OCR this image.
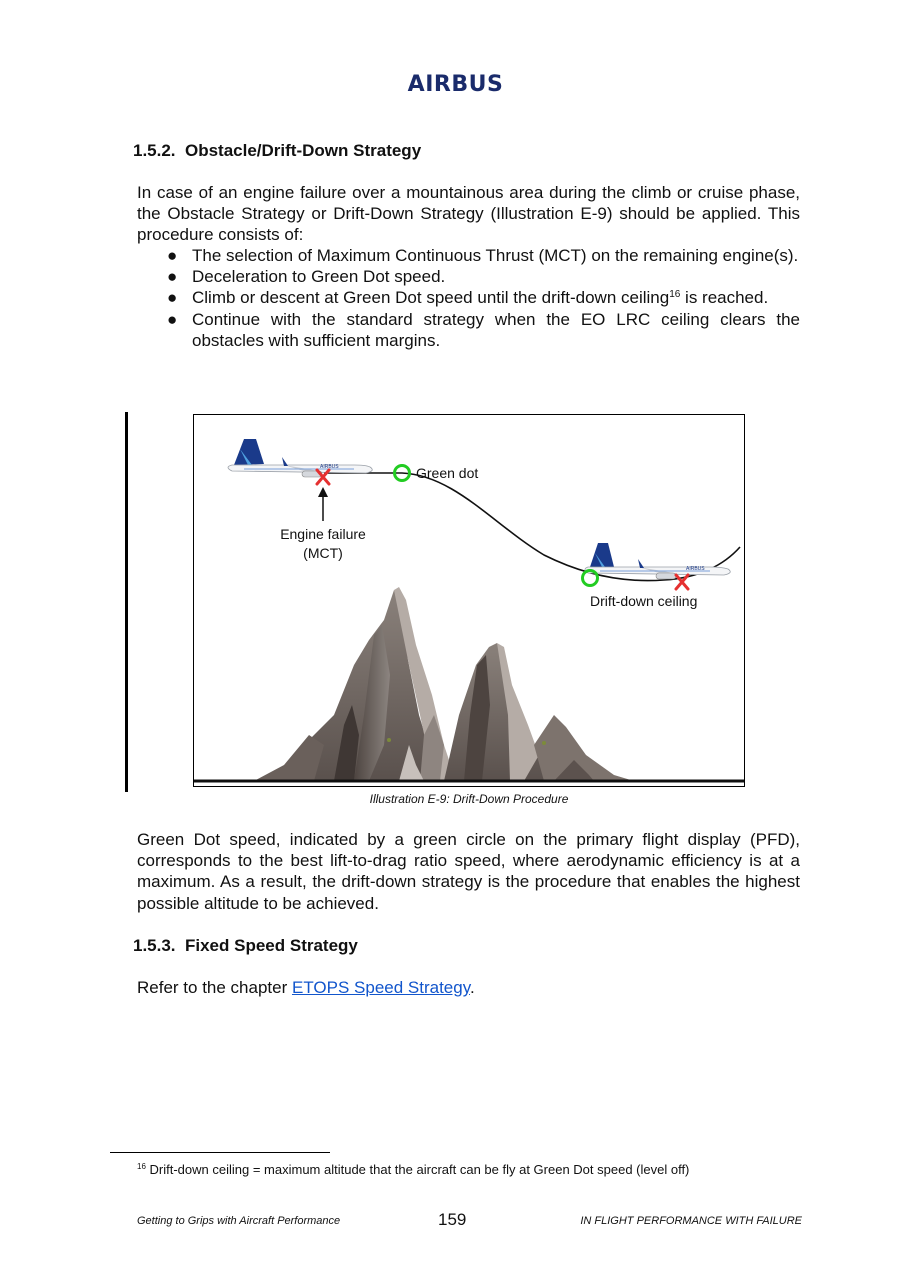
AIRBUS
1.5.2. Obstacle/Drift-Down Strategy

In case of an engine failure over a mountainous area during the climb or cruise phase, the Obstacle Strategy or Drift-Down Strategy (Illustration E-9) should be applied. This procedure consists of:

● The selection of Maximum Continuous Thrust (MCT) on the remaining engine(s).
● Deceleration to Green Dot speed.
● Climb or descent at Green Dot speed until the drift-down ceiling$^{16}$ is reached.
● Continue with the standard strategy when the EO LRC ceiling clears the obstacles with sufficient margins.
AIRBUS	Green dot
Engine failure
(MCT)
AIRBUS
Drift-down ceiling
Illustration E-9: Drift-Down Procedure

Green Dot speed, indicated by a green circle on the primary flight display (PFD), corresponds to the best lift-to-drag ratio speed, where aerodynamic efficiency is at a maximum. As a result, the drift-down strategy is the procedure that enables the highest possible altitude to be achieved.

1.5.3. Fixed Speed Strategy

Refer to the chapter ETOPS Speed Strategy.

$^{16}$ Drift-down ceiling = maximum altitude that the aircraft can be fly at Green Dot speed (level off)
Getting to Grips with Aircraft Performance	159	IN FLIGHT PERFORMANCE WITH FAILURE
